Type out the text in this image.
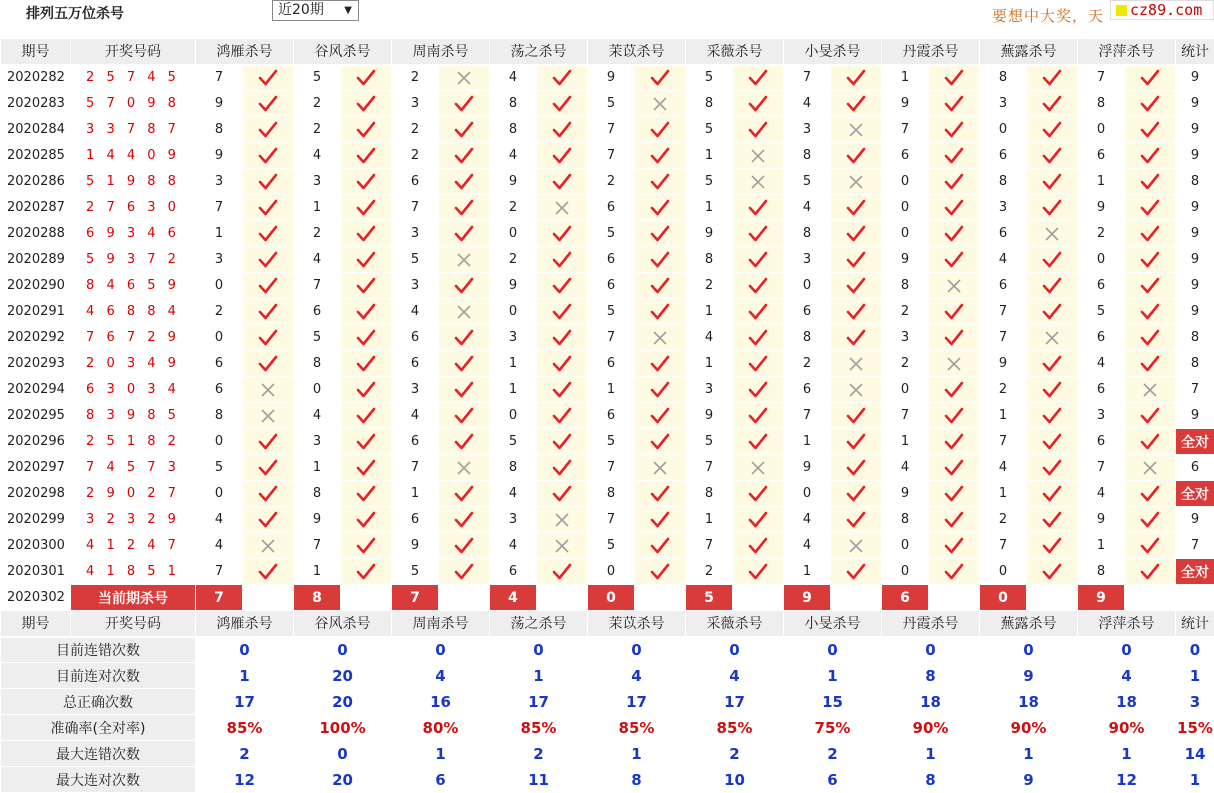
排列五万位杀号	近20期 ▼	要想中大奖，天 cz89.com
期号	开奖号码	鸿雁杀号		谷风杀号		周南杀号		荡之杀号		茉苡杀号		采薇杀号		小旻杀号		丹霞杀号		蕪露杀号		浮萍杀号		统计
2020282	2 5 7 4 5	7		5		2		4		9		5		7		1		8		7		9
2020283	5 7 0 9 8	9		2		3		8		5		8		4		9		3		8		9
2020284	3 3 7 8 7	8		2		2		8		7		5		3		7		0		0		9
2020285	1 4 4 0 9	9		4		2		4		7		1		8		6		6		6		9
2020286	5 1 9 8 8	3		3		6		9		2		5		5		0		8		1		8
2020287	2 7 6 3 0	7		1		7		2		6		1		4		0		3		9		9
2020288	6 9 3 4 6	1		2		3		0		5		9		8		0		6		2		9
2020289	5 9 3 7 2	3		4		5		2		6		8		3		9		4		0		9
2020290	8 4 6 5 9	0		7		3		9		6		2		0		8		6		6		9
2020291	4 6 8 8 4	2		6		4		0		5		1		6		2		7		5		9
2020292	7 6 7 2 9	0		5		6		3		7		4		8		3		7		6		8
2020293	2 0 3 4 9	6		8		6		1		6		1		2		2		9		4		8
2020294	6 3 0 3 4	6		0		3		1		1		3		6		0		2		6		7
2020295	8 3 9 8 5	8		4		4		0		6		9		7		7		1		3		9
2020296	2 5 1 8 2	0		3		6		5		5		5		1		1		7		6		全对
2020297	7 4 5 7 3	5		1		7		8		7		7		9		4		4		7		6
2020298	2 9 0 2 7	0		8		1		4		8		8		0		9		1		4		全对
2020299	3 2 3 2 9	4		9		6		3		7		1		4		8		2		9		9
2020300	4 1 2 4 7	4		7		9		4		5		7		4		0		7		1		7
2020301	4 1 8 5 1	7		1		5		6		0		2		1		0		0		8		全对
2020302	当前期杀号	7		8		7		4		0		5		9		6		0		9		
期号	开奖号码	鸿雁杀号		谷风杀号		周南杀号		荡之杀号		茉苡杀号		采薇杀号		小旻杀号		丹霞杀号		蕪露杀号		浮萍杀号		统计
目前连错次数		0		0		0		0		0		0		0		0		0		0		0
目前连对次数		1		20		4		1		4		4		1		8		9		4		1
总正确次数		17		20		16		17		17		17		15		18		18		18		3
准确率(全对率)		85%		100%		80%		85%		85%		85%		75%		90%		90%		90%		15%
最大连错次数		2		0		1		2		1		2		2		1		1		1		14
最大连对次数		12		20		6		11		8		10		6		8		9		12		1
